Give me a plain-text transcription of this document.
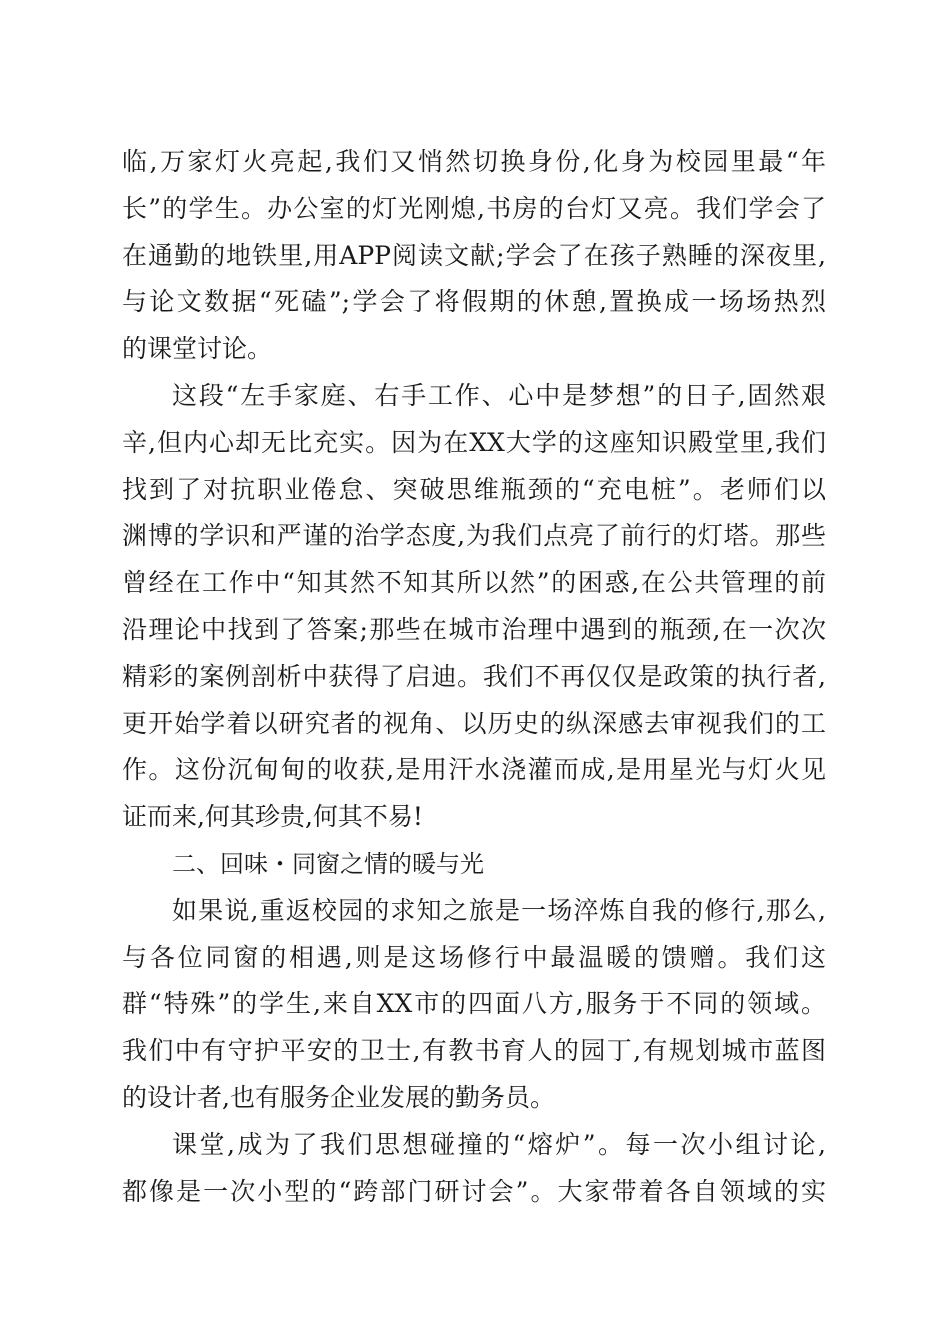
临,万家灯火亮起,我们又悄然切换身份,化身为校园里最“年
长”的学生。办公室的灯光刚熄,书房的台灯又亮。我们学会了
在通勤的地铁里,用APP阅读文献;学会了在孩子熟睡的深夜里,
与论文数据“死磕”;学会了将假期的休憩,置换成一场场热烈
的课堂讨论。
这段“左手家庭、右手工作、心中是梦想”的日子,固然艰
辛,但内心却无比充实。因为在XX大学的这座知识殿堂里,我们
找到了对抗职业倦怠、突破思维瓶颈的“充电桩”。老师们以
渊博的学识和严谨的治学态度,为我们点亮了前行的灯塔。那些
曾经在工作中“知其然不知其所以然”的困惑,在公共管理的前
沿理论中找到了答案;那些在城市治理中遇到的瓶颈,在一次次
精彩的案例剖析中获得了启迪。我们不再仅仅是政策的执行者,
更开始学着以研究者的视角、以历史的纵深感去审视我们的工
作。这份沉甸甸的收获,是用汗水浇灌而成,是用星光与灯火见
证而来,何其珍贵,何其不易!
二、回味・同窗之情的暖与光
如果说,重返校园的求知之旅是一场淬炼自我的修行,那么,
与各位同窗的相遇,则是这场修行中最温暖的馈赠。我们这
群“特殊”的学生,来自XX市的四面八方,服务于不同的领域。
我们中有守护平安的卫士,有教书育人的园丁,有规划城市蓝图
的设计者,也有服务企业发展的勤务员。
课堂,成为了我们思想碰撞的“熔炉”。每一次小组讨论,
都像是一次小型的“跨部门研讨会”。大家带着各自领域的实
